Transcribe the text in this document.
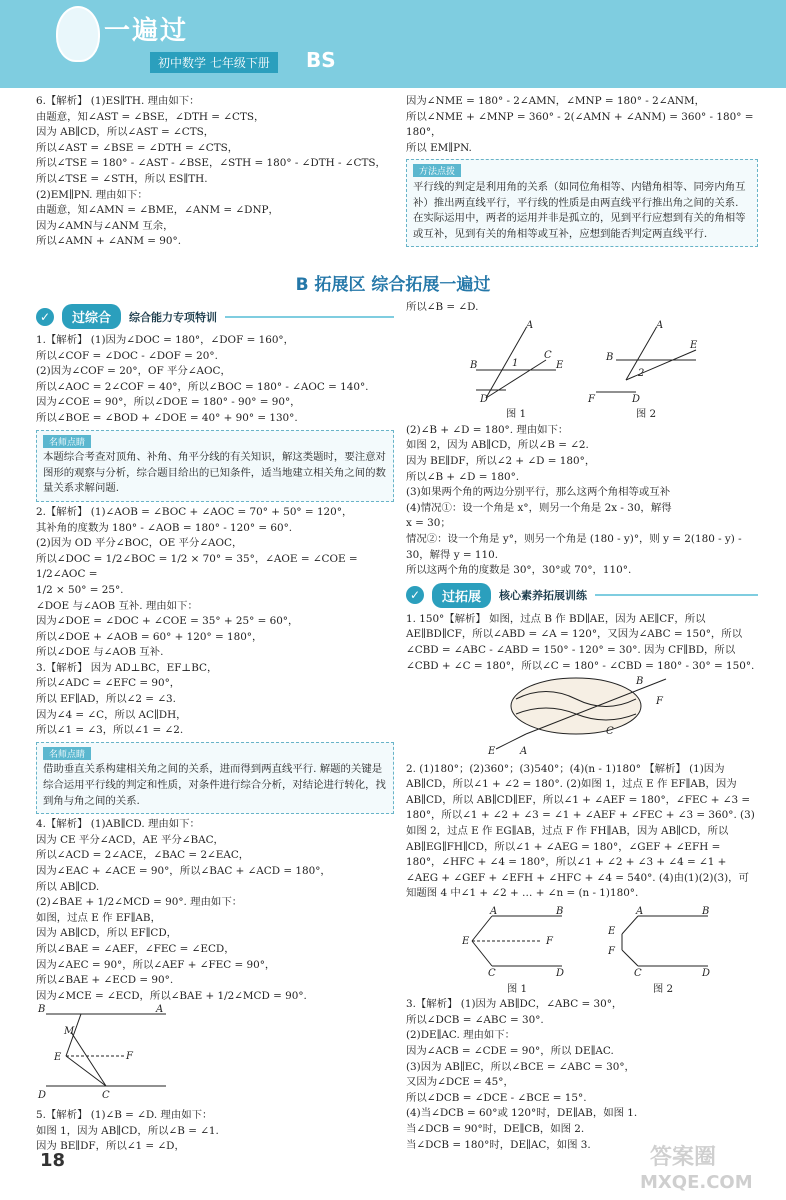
一遍过
初中数学 七年级下册	BS

6.【解析】 (1)ES∥TH. 理由如下：

由题意，知∠AST = ∠BSE，∠DTH = ∠CTS，

因为 AB∥CD，所以∠AST = ∠CTS，

所以∠AST = ∠BSE = ∠DTH = ∠CTS，

所以∠TSE = 180° - ∠AST - ∠BSE，∠STH = 180° - ∠DTH - ∠CTS，

所以∠TSE = ∠STH，所以 ES∥TH.

(2)EM∥PN. 理由如下：

由题意，知∠AMN = ∠BME，∠ANM = ∠DNP，

因为∠AMN与∠ANM 互余，

所以∠AMN + ∠ANM = 90°.

因为∠NME = 180° - 2∠AMN，∠MNP = 180° - 2∠ANM，

所以∠NME + ∠MNP = 360° - 2(∠AMN + ∠ANM) = 360° - 180° = 180°，

所以 EM∥PN.

方法点拨

平行线的判定是利用角的关系（如同位角相等、内错角相等、同旁内角互补）推出两直线平行，平行线的性质是由两直线平行推出角之间的关系. 在实际运用中，两者的运用并非是孤立的，见到平行应想到有关的角相等或互补，见到有关的角相等或互补，应想到能否判定两直线平行.

B 拓展区 综合拓展一遍过
✓	过综合	综合能力专项特训

1.【解析】 (1)因为∠DOC = 180°，∠DOF = 160°，

所以∠COF = ∠DOC - ∠DOF = 20°.

(2)因为∠COF = 20°，OF 平分∠AOC，

所以∠AOC = 2∠COF = 40°，所以∠BOC = 180° - ∠AOC = 140°.

因为∠COE = 90°，所以∠DOE = 180° - 90° = 90°，

所以∠BOE = ∠BOD + ∠DOE = 40° + 90° = 130°.

名师点睛

本题综合考查对顶角、补角、角平分线的有关知识，解这类题时，要注意对图形的观察与分析，综合题目给出的已知条件，适当地建立相关角之间的数量关系求解问题.

2.【解析】 (1)∠AOB = ∠BOC + ∠AOC = 70° + 50° = 120°，

其补角的度数为 180° - ∠AOB = 180° - 120° = 60°.

(2)因为 OD 平分∠BOC，OE 平分∠AOC，

所以∠DOC = 1/2∠BOC = 1/2 × 70° = 35°，∠AOE = ∠COE = 1/2∠AOC =

1/2 × 50° = 25°.

∠DOE 与∠AOB 互补. 理由如下：

因为∠DOE = ∠DOC + ∠COE = 35° + 25° = 60°，

所以∠DOE + ∠AOB = 60° + 120° = 180°，

所以∠DOE 与∠AOB 互补.

3.【解析】 因为 AD⊥BC，EF⊥BC，

所以∠ADC = ∠EFC = 90°，

所以 EF∥AD，所以∠2 = ∠3.

因为∠4 = ∠C，所以 AC∥DH，

所以∠1 = ∠3，所以∠1 = ∠2.

名师点睛

借助垂直关系构建相关角之间的关系，进而得到两直线平行. 解题的关键是综合运用平行线的判定和性质，对条件进行综合分析，对结论进行转化，找到角与角之间的关系.

4.【解析】 (1)AB∥CD. 理由如下：

因为 CE 平分∠ACD，AE 平分∠BAC，

所以∠ACD = 2∠ACE，∠BAC = 2∠EAC，

因为∠EAC + ∠ACE = 90°，所以∠BAC + ∠ACD = 180°，

所以 AB∥CD.

(2)∠BAE + 1/2∠MCD = 90°. 理由如下：

如图，过点 E 作 EF∥AB，

因为 AB∥CD，所以 EF∥CD，

所以∠BAE = ∠AEF，∠FEC = ∠ECD，

因为∠AEC = 90°，所以∠AEF + ∠FEC = 90°，

所以∠BAE + ∠ECD = 90°.

因为∠MCE = ∠ECD，所以∠BAE + 1/2∠MCD = 90°.

B	A
M
E	F
D	C

5.【解析】 (1)∠B = ∠D. 理由如下：

如图 1，因为 AB∥CD，所以∠B = ∠1.

因为 BE∥DF，所以∠1 = ∠D，

所以∠B = ∠D.

A
B
C
D
E
1
图 1
A
B
E
F	D
2
图 2

(2)∠B + ∠D = 180°. 理由如下：

如图 2，因为 AB∥CD，所以∠B = ∠2.

因为 BE∥DF，所以∠2 + ∠D = 180°，

所以∠B + ∠D = 180°.

(3)如果两个角的两边分别平行，那么这两个角相等或互补

(4)情况①：设一个角是 x°，则另一个角是 2x - 30，解得

x = 30；

情况②：设一个角是 y°，则另一个角是 (180 - y)°，则 y = 2(180 - y) - 30，解得 y = 110.

所以这两个角的度数是 30°，30°或 70°，110°.

✓	过拓展	核心素养拓展训练

1. 150°【解析】 如图，过点 B 作 BD∥AE，因为 AE∥CF，所以 AE∥BD∥CF，所以∠ABD = ∠A = 120°，又因为∠ABC = 150°，所以∠CBD = ∠ABC - ∠ABD = 150° - 120° = 30°. 因为 CF∥BD，所以∠CBD + ∠C = 180°，所以∠C = 180° - ∠CBD = 180° - 30° = 150°.

E A
C
F
B

2. (1)180°；(2)360°；(3)540°；(4)(n - 1)180° 【解析】 (1)因为 AB∥CD，所以∠1 + ∠2 = 180°. (2)如图 1，过点 E 作 EF∥AB，因为 AB∥CD，所以 AB∥CD∥EF，所以∠1 + ∠AEF = 180°，∠FEC + ∠3 = 180°，所以∠1 + ∠2 + ∠3 = ∠1 + ∠AEF + ∠FEC + ∠3 = 360°. (3)如图 2，过点 E 作 EG∥AB，过点 F 作 FH∥AB，因为 AB∥CD，所以 AB∥EG∥FH∥CD，所以∠1 + ∠AEG = 180°，∠GEF + ∠EFH = 180°，∠HFC + ∠4 = 180°，所以∠1 + ∠2 + ∠3 + ∠4 = ∠1 + ∠AEG + ∠GEF + ∠EFH + ∠HFC + ∠4 = 540°. (4)由(1)(2)(3)，可知题图 4 中∠1 + ∠2 + … + ∠n = (n - 1)180°.

A	B
E	F
C	D
图 1
A	B
E
F
C	D
图 2

3.【解析】 (1)因为 AB∥DC，∠ABC = 30°，

所以∠DCB = ∠ABC = 30°.

(2)DE∥AC. 理由如下：

因为∠ACB = ∠CDE = 90°，所以 DE∥AC.

(3)因为 AB∥EC，所以∠BCE = ∠ABC = 30°，

又因为∠DCE = 45°，

所以∠DCB = ∠DCE - ∠BCE = 15°.

(4)当∠DCB = 60°或 120°时，DE∥AB，如图 1.

当∠DCB = 90°时，DE∥CB，如图 2.

当∠DCB = 180°时，DE∥AC，如图 3.

18	答案圈
MXQE.COM
